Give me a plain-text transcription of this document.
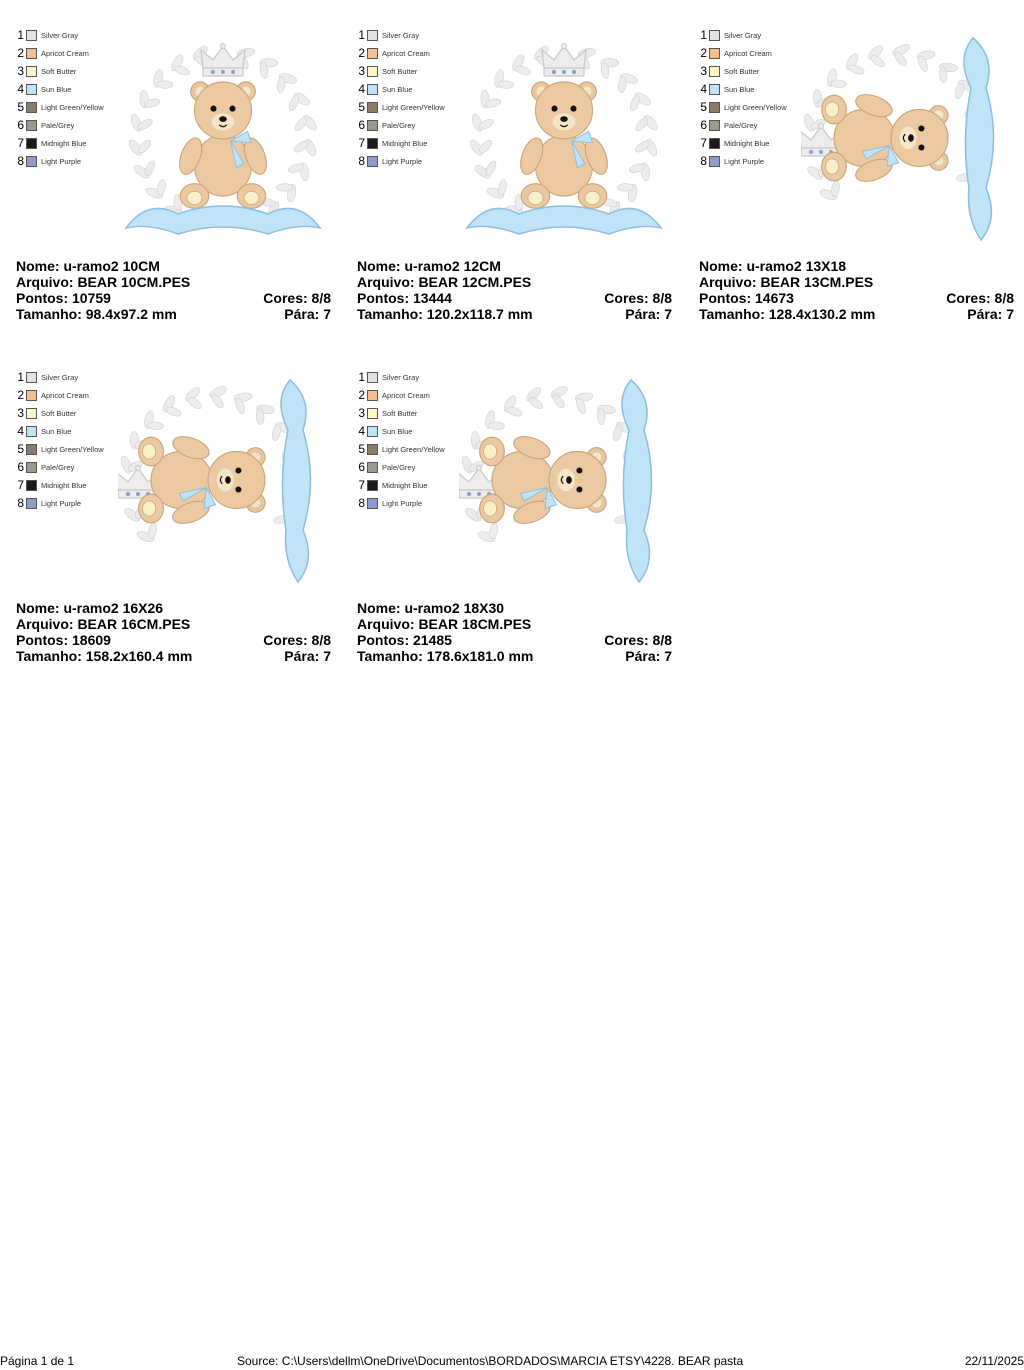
1 Silver Gray
2 Apricot Cream
3 Soft Butter
4 Sun Blue
5 Light Green/Yellow
6 Pale/Grey
7 Midnight Blue
8 Light Purple
Nome: u-ramo2 10CM
Arquivo: BEAR 10CM.PES
Pontos: 10759	Cores: 8/8
Tamanho: 98.4x97.2 mm	Pára: 7
1 Silver Gray
2 Apricot Cream
3 Soft Butter
4 Sun Blue
5 Light Green/Yellow
6 Pale/Grey
7 Midnight Blue
8 Light Purple
Nome: u-ramo2 12CM
Arquivo: BEAR 12CM.PES
Pontos: 13444	Cores: 8/8
Tamanho: 120.2x118.7 mm	Pára: 7
1 Silver Gray
2 Apricot Cream
3 Soft Butter
4 Sun Blue
5 Light Green/Yellow
6 Pale/Grey
7 Midnight Blue
8 Light Purple
Nome: u-ramo2 13X18
Arquivo: BEAR 13CM.PES
Pontos: 14673	Cores: 8/8
Tamanho: 128.4x130.2 mm	Pára: 7
1 Silver Gray
2 Apricot Cream
3 Soft Butter
4 Sun Blue
5 Light Green/Yellow
6 Pale/Grey
7 Midnight Blue
8 Light Purple
Nome: u-ramo2 16X26
Arquivo: BEAR 16CM.PES
Pontos: 18609	Cores: 8/8
Tamanho: 158.2x160.4 mm	Pára: 7
1 Silver Gray
2 Apricot Cream
3 Soft Butter
4 Sun Blue
5 Light Green/Yellow
6 Pale/Grey
7 Midnight Blue
8 Light Purple
Nome: u-ramo2 18X30
Arquivo: BEAR 18CM.PES
Pontos: 21485	Cores: 8/8
Tamanho: 178.6x181.0 mm	Pára: 7
Página 1 de 1	Source: C:\Users\dellm\OneDrive\Documentos\BORDADOS\MARCIA ETSY\4228. BEAR pasta	22/11/2025
